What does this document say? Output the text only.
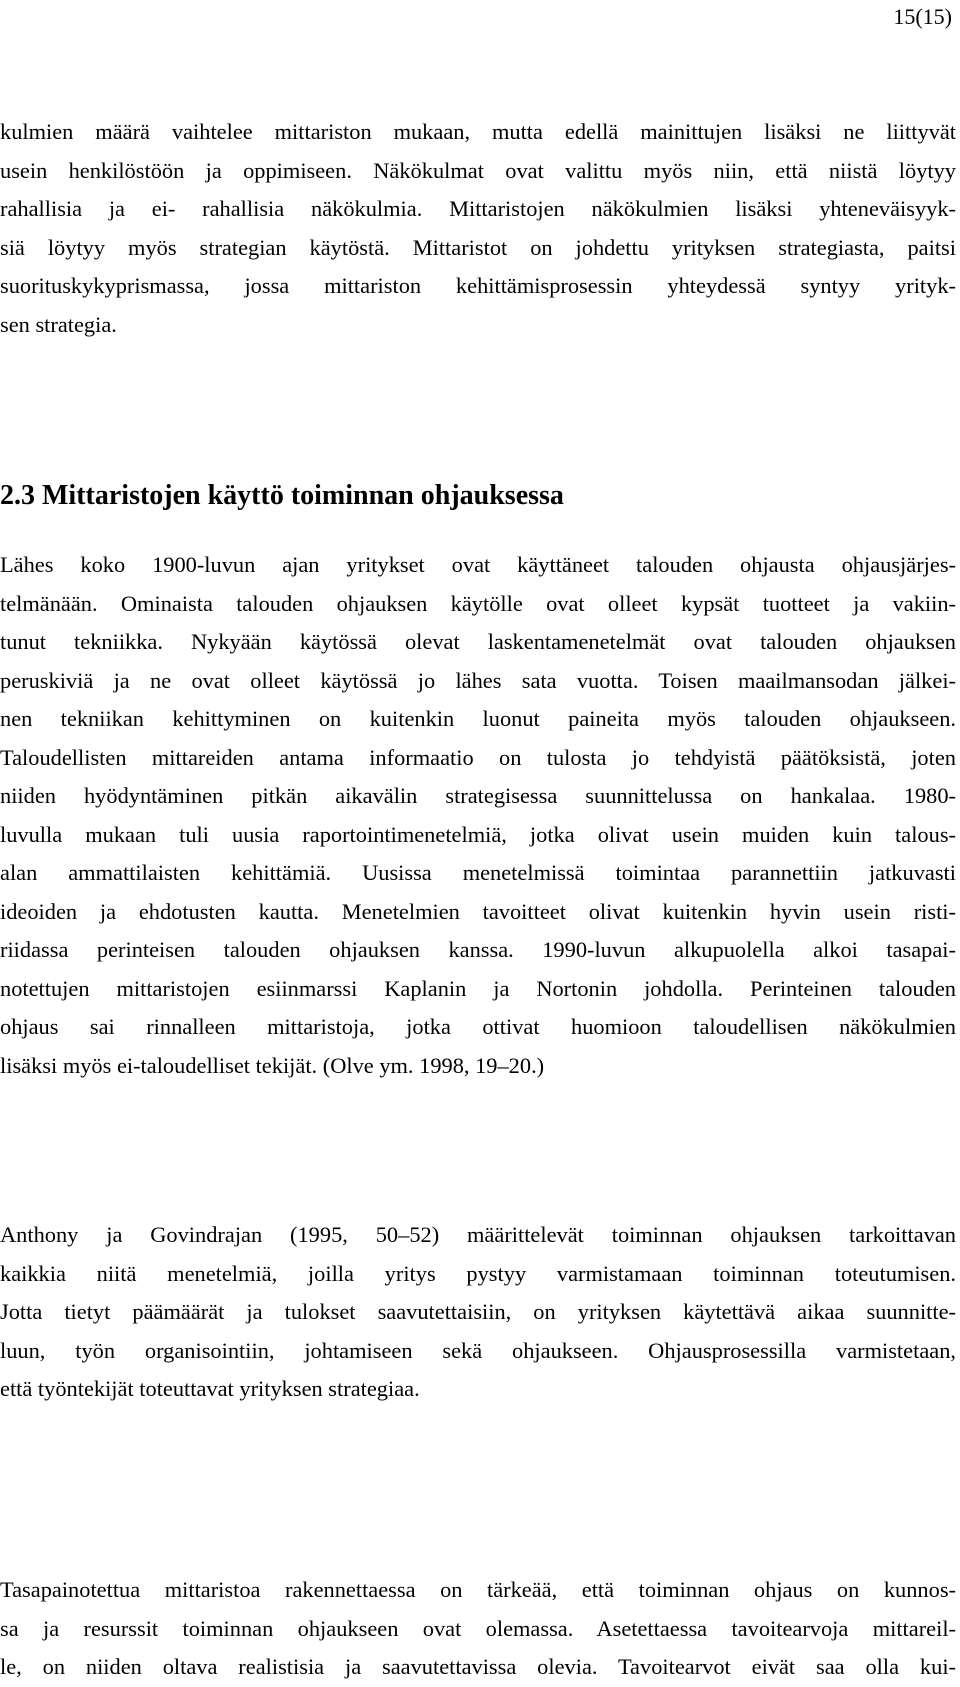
15(15)

kulmien määrä vaihtelee mittariston mukaan, mutta edellä mainittujen lisäksi ne liittyvät
usein henkilöstöön ja oppimiseen. Näkökulmat ovat valittu myös niin, että niistä löytyy
rahallisia ja ei- rahallisia näkökulmia. Mittaristojen näkökulmien lisäksi yhteneväisyyk-
siä löytyy myös strategian käytöstä. Mittaristot on johdettu yrityksen strategiasta, paitsi
suorituskykyprismassa, jossa mittariston kehittämisprosessin yhteydessä syntyy yrityk-
sen strategia.

2.3 Mittaristojen käyttö toiminnan ohjauksessa

Lähes koko 1900-luvun ajan yritykset ovat käyttäneet talouden ohjausta ohjausjärjes-
telmänään. Ominaista talouden ohjauksen käytölle ovat olleet kypsät tuotteet ja vakiin-
tunut tekniikka. Nykyään käytössä olevat laskentamenetelmät ovat talouden ohjauksen
peruskiviä ja ne ovat olleet käytössä jo lähes sata vuotta. Toisen maailmansodan jälkei-
nen tekniikan kehittyminen on kuitenkin luonut paineita myös talouden ohjaukseen.
Taloudellisten mittareiden antama informaatio on tulosta jo tehdyistä päätöksistä, joten
niiden hyödyntäminen pitkän aikavälin strategisessa suunnittelussa on hankalaa. 1980-
luvulla mukaan tuli uusia raportointimenetelmiä, jotka olivat usein muiden kuin talous-
alan ammattilaisten kehittämiä. Uusissa menetelmissä toimintaa parannettiin jatkuvasti
ideoiden ja ehdotusten kautta. Menetelmien tavoitteet olivat kuitenkin hyvin usein risti-
riidassa perinteisen talouden ohjauksen kanssa. 1990-luvun alkupuolella alkoi tasapai-
notettujen mittaristojen esiinmarssi Kaplanin ja Nortonin johdolla. Perinteinen talouden
ohjaus sai rinnalleen mittaristoja, jotka ottivat huomioon taloudellisen näkökulmien
lisäksi myös ei-taloudelliset tekijät. (Olve ym. 1998, 19–20.)

Anthony ja Govindrajan (1995, 50–52) määrittelevät toiminnan ohjauksen tarkoittavan
kaikkia niitä menetelmiä, joilla yritys pystyy varmistamaan toiminnan toteutumisen.
Jotta tietyt päämäärät ja tulokset saavutettaisiin, on yrityksen käytettävä aikaa suunnitte-
luun, työn organisointiin, johtamiseen sekä ohjaukseen. Ohjausprosessilla varmistetaan,
että työntekijät toteuttavat yrityksen strategiaa.

Tasapainotettua mittaristoa rakennettaessa on tärkeää, että toiminnan ohjaus on kunnos-
sa ja resurssit toiminnan ohjaukseen ovat olemassa. Asetettaessa tavoitearvoja mittareil-
le, on niiden oltava realistisia ja saavutettavissa olevia. Tavoitearvot eivät saa olla kui-
